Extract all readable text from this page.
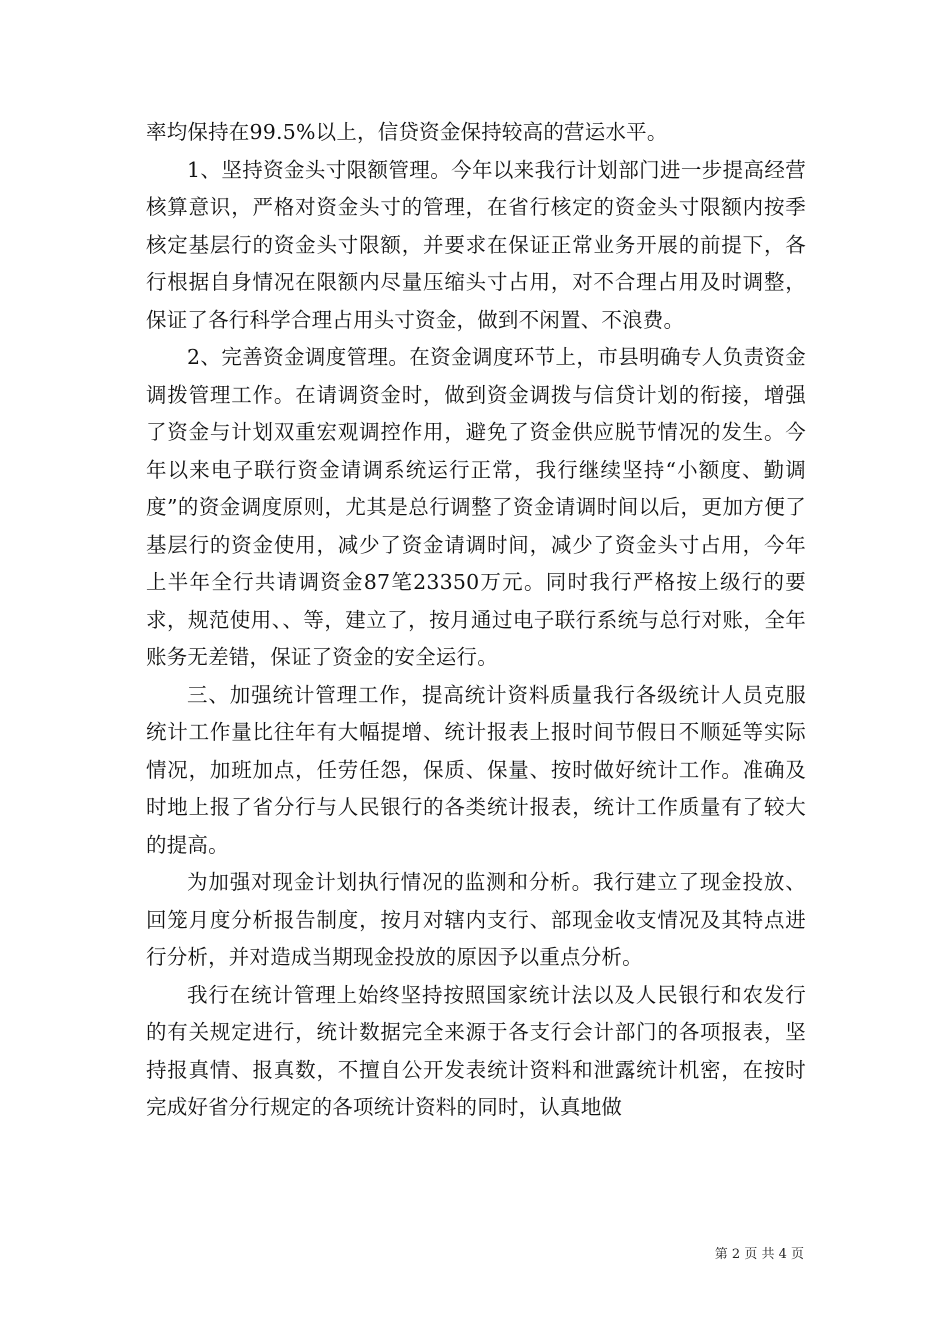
率均保持在99.5%以上，信贷资金保持较高的营运水平。

1、坚持资金头寸限额管理。今年以来我行计划部门进一步提高经营核算意识，严格对资金头寸的管理，在省行核定的资金头寸限额内按季核定基层行的资金头寸限额，并要求在保证正常业务开展的前提下，各行根据自身情况在限额内尽量压缩头寸占用，对不合理占用及时调整，保证了各行科学合理占用头寸资金，做到不闲置、不浪费。

2、完善资金调度管理。在资金调度环节上，市县明确专人负责资金调拨管理工作。在请调资金时，做到资金调拨与信贷计划的衔接，增强了资金与计划双重宏观调控作用，避免了资金供应脱节情况的发生。今年以来电子联行资金请调系统运行正常，我行继续坚持“小额度、勤调度”的资金调度原则，尤其是总行调整了资金请调时间以后，更加方便了基层行的资金使用，减少了资金请调时间，减少了资金头寸占用，今年上半年全行共请调资金87笔23350万元。同时我行严格按上级行的要求，规范使用、、等，建立了，按月通过电子联行系统与总行对账，全年账务无差错，保证了资金的安全运行。

三、加强统计管理工作，提高统计资料质量我行各级统计人员克服统计工作量比往年有大幅提增、统计报表上报时间节假日不顺延等实际情况，加班加点，任劳任怨，保质、保量、按时做好统计工作。准确及时地上报了省分行与人民银行的各类统计报表，统计工作质量有了较大的提高。

为加强对现金计划执行情况的监测和分析。我行建立了现金投放、回笼月度分析报告制度，按月对辖内支行、部现金收支情况及其特点进行分析，并对造成当期现金投放的原因予以重点分析。

我行在统计管理上始终坚持按照国家统计法以及人民银行和农发行的有关规定进行，统计数据完全来源于各支行会计部门的各项报表，坚持报真情、报真数，不擅自公开发表统计资料和泄露统计机密，在按时完成好省分行规定的各项统计资料的同时，认真地做

第 2 页 共 4 页
